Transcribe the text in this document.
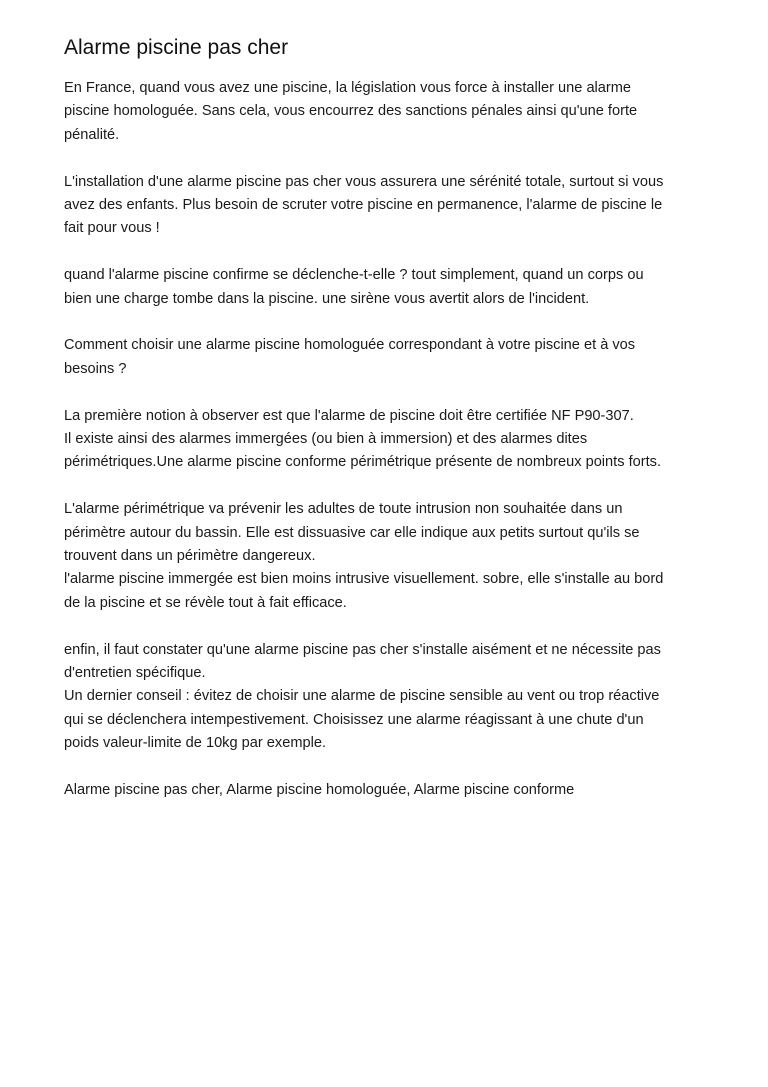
Alarme piscine pas cher
En France, quand vous avez une piscine, la législation vous force à installer une alarme
piscine homologuée. Sans cela, vous encourrez des sanctions pénales ainsi qu'une forte
pénalité.
L'installation d'une alarme piscine pas cher vous assurera une sérénité totale, surtout si vous
avez des enfants. Plus besoin de scruter votre piscine en permanence, l'alarme de piscine le
fait pour vous !
quand l'alarme piscine confirme se déclenche-t-elle ? tout simplement, quand un corps ou
bien une charge tombe dans la piscine. une sirène vous avertit alors de l'incident.
Comment choisir une alarme piscine homologuée correspondant à votre piscine et à vos
besoins ?
La première notion à observer est que l'alarme de piscine doit être certifiée NF P90-307.
Il existe ainsi des alarmes immergées (ou bien à immersion) et des alarmes dites
périmétriques.Une alarme piscine conforme périmétrique présente de nombreux points forts.
L'alarme périmétrique va prévenir les adultes de toute intrusion non souhaitée dans un
périmètre autour du bassin. Elle est dissuasive car elle indique aux petits surtout qu'ils se
trouvent dans un périmètre dangereux.
l'alarme piscine immergée est bien moins intrusive visuellement. sobre, elle s'installe au bord
de la piscine et se révèle tout à fait efficace.
enfin, il faut constater qu'une alarme piscine pas cher s'installe aisément et ne nécessite pas
d'entretien spécifique.
Un dernier conseil : évitez de choisir une alarme de piscine sensible au vent ou trop réactive
qui se déclenchera intempestivement. Choisissez une alarme réagissant à une chute d'un
poids valeur-limite de 10kg par exemple.
Alarme piscine pas cher, Alarme piscine homologuée, Alarme piscine conforme
